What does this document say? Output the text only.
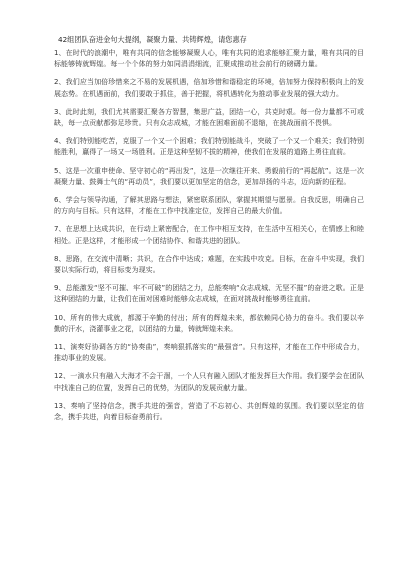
42组团队奋进金句大提纲，凝聚力量、共铸辉煌，请您惠存

1、在时代的浪潮中，唯有共同的信念能够凝聚人心，唯有共同的追求能够汇聚力量，唯有共同的目标能够铸就辉煌。每一个个体的努力如同涓涓细流，汇聚成推动社会前行的磅礴力量。

2、我们应当加倍珍惜来之不易的发展机遇，倍加珍惜和谐稳定的环境，倍加努力保持积极向上的发展态势。在机遇面前，我们要敢于抓住，善于把握，将机遇转化为推动事业发展的强大动力。

3、此时此刻，我们尤其需要汇聚各方智慧，集思广益，团结一心，共克时艰。每一份力量都不可或缺，每一点贡献都弥足珍贵。只有众志成城，才能在困难面前不退缩，在挑战面前不畏惧。

4、我们特别能吃苦，克服了一个又一个困难；我们特别能战斗，突破了一个又一个难关；我们特别能胜利，赢得了一场又一场胜利。正是这种坚韧不拔的精神，使我们在发展的道路上勇往直前。

5、这是一次重申使命、坚守初心的“再出发”，这是一次继往开来、勇毅前行的“再起航”。这是一次凝聚力量、鼓舞士气的“再动员”，我们要以更加坚定的信念，更加昂扬的斗志，迈向新的征程。

6、学会与领导沟通，了解其思路与想法，紧密联系团队，掌握其期望与愿景。自我反思，明确自己的方向与目标。只有这样，才能在工作中找准定位，发挥自己的最大价值。

7、在思想上达成共识，在行动上紧密配合，在工作中相互支持，在生活中互相关心，在情感上和睦相处。正是这样，才能形成一个团结协作、和谐共进的团队。

8、思路，在交流中清晰；共识，在合作中达成；难题，在实践中攻克。目标，在奋斗中实现，我们要以实际行动，将目标变为现实。

9、总能激发“坚不可摧、牢不可破”的团结之力，总能奏响“众志成城、无坚不摧”的奋进之歌。正是这种团结的力量，让我们在面对困难时能够众志成城，在面对挑战时能够勇往直前。

10、所有的伟大成就，都源于辛勤的付出；所有的辉煌未来，都依赖同心协力的奋斗。我们要以辛勤的汗水，浇灌事业之花，以团结的力量，铸就辉煌未来。

11、演奏好协调各方的“协奏曲”，奏响狠抓落实的“最强音”。只有这样，才能在工作中形成合力，推动事业的发展。

12、一滴水只有融入大海才不会干涸，一个人只有融入团队才能发挥巨大作用。我们要学会在团队中找准自己的位置，发挥自己的优势，为团队的发展贡献力量。

13、奏响了坚持信念，携手共进的强音，营造了不忘初心、共创辉煌的氛围。我们要以坚定的信念，携手共进，向着目标奋勇前行。
